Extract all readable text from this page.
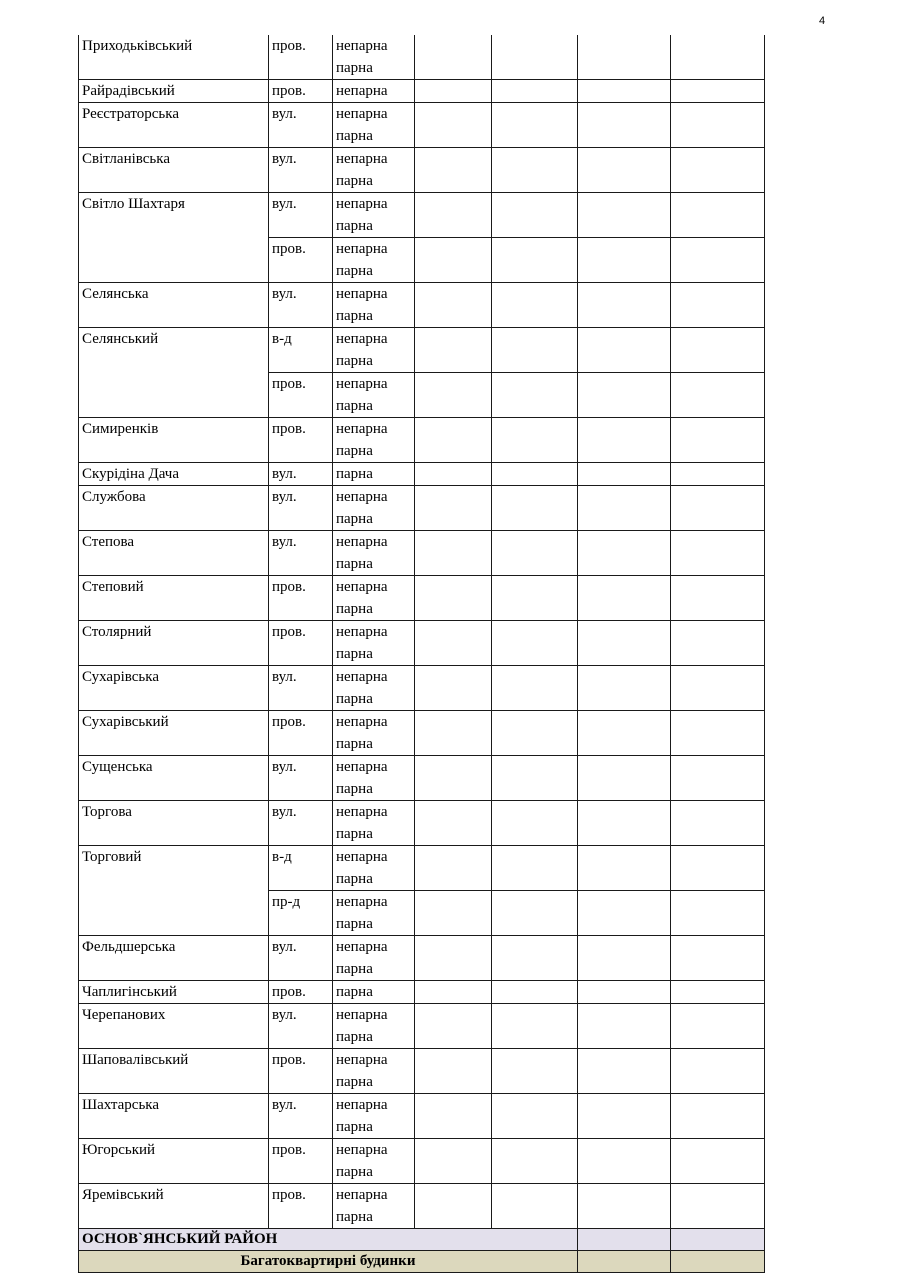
4
Приходьківський	пров.	непарна
парна				

Райрадівський	пров.	непарна				

Реєстраторська	вул.	непарна
парна				

Світланівська	вул.	непарна
парна				

Світло Шахтаря	вул.	непарна
парна				

	пров.	непарна
парна				

Селянська	вул.	непарна
парна				

Селянський	в-д	непарна
парна				

	пров.	непарна
парна				

Симиренків	пров.	непарна
парна				

Скурідіна Дача	вул.	парна				

Службова	вул.	непарна
парна				

Степова	вул.	непарна
парна				

Степовий	пров.	непарна
парна				

Столярний	пров.	непарна
парна				

Сухарівська	вул.	непарна
парна				

Сухарівський	пров.	непарна
парна				

Сущенська	вул.	непарна
парна				

Торгова	вул.	непарна
парна				

Торговий	в-д	непарна
парна				

	пр-д	непарна
парна				

Фельдшерська	вул.	непарна
парна				

Чаплигінський	пров.	парна				

Черепанових	вул.	непарна
парна				

Шаповалівський	пров.	непарна
парна				

Шахтарська	вул.	непарна
парна				

Югорський	пров.	непарна
парна				

Яремівський	пров.	непарна
парна				

ОСНОВ`ЯНСЬКИЙ РАЙОН						
Багатоквартирні будинки						
